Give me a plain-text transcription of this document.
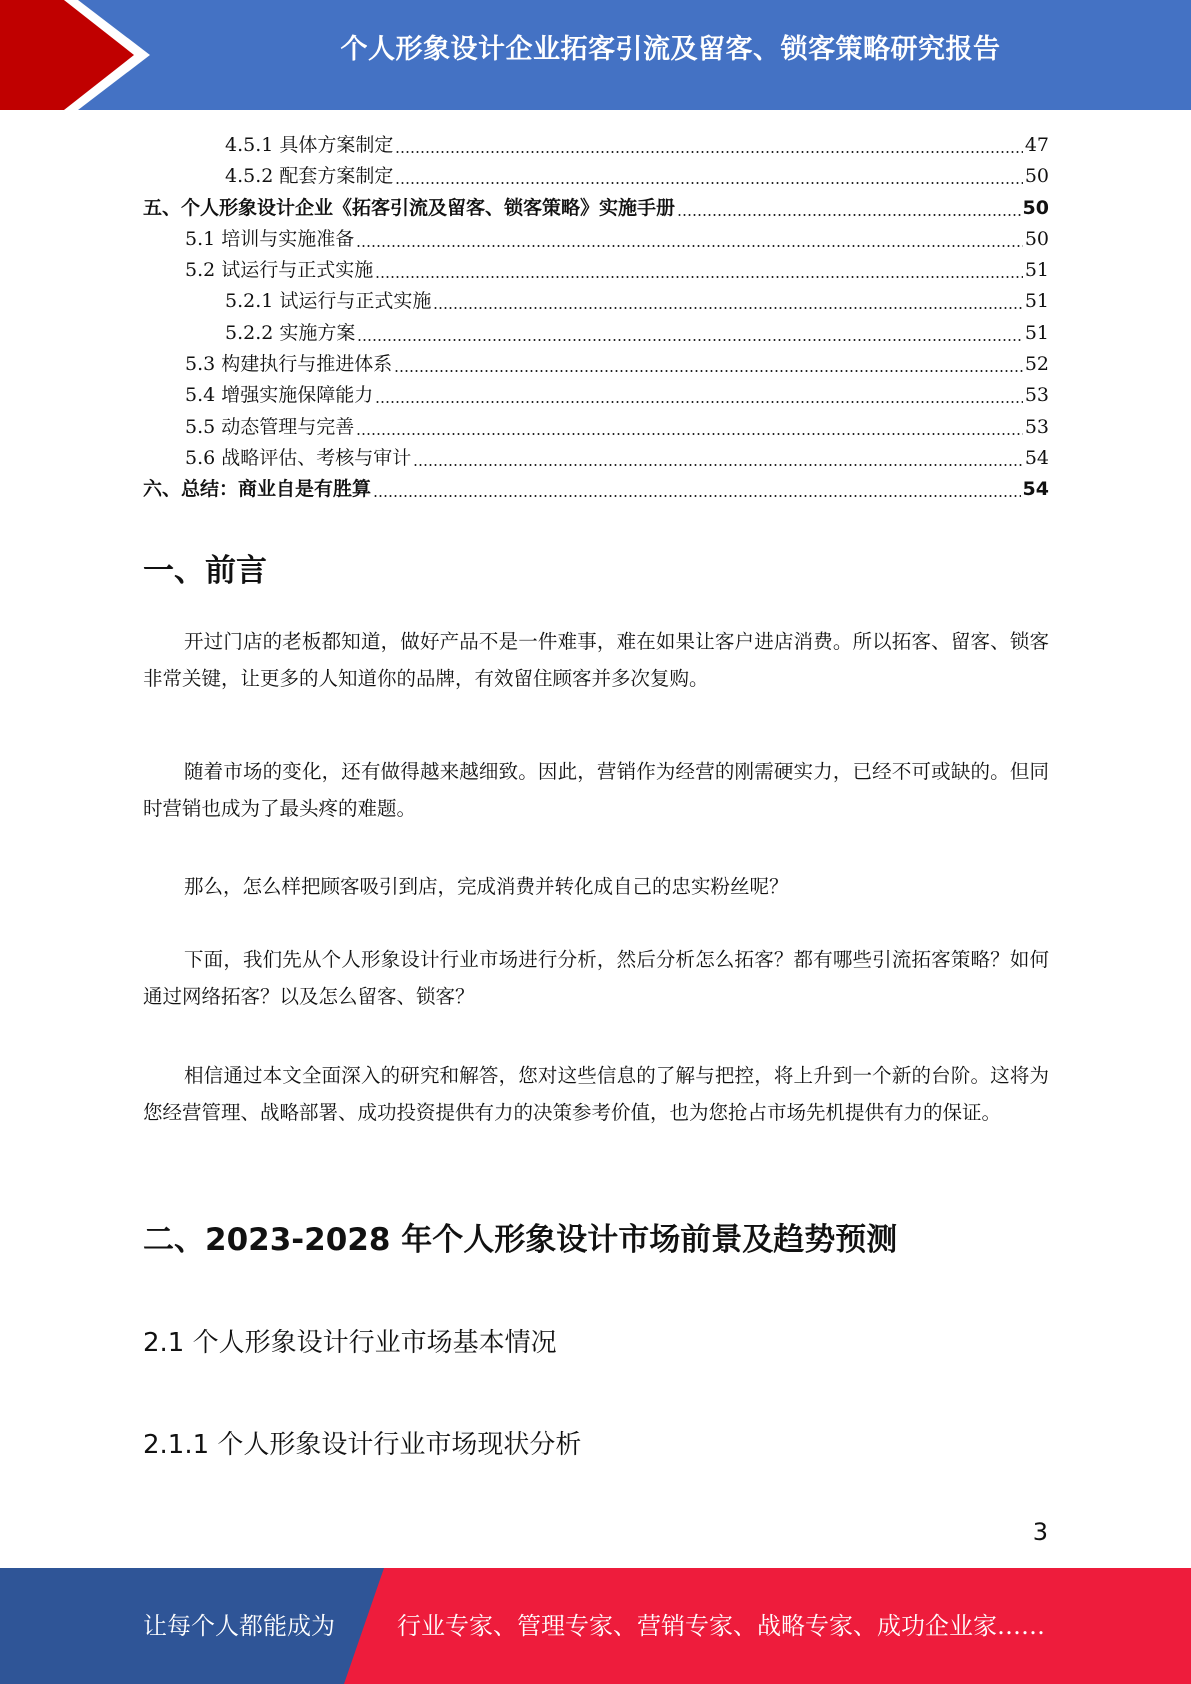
个人形象设计企业拓客引流及留客、锁客策略研究报告
4.5.1 具体方案制定	47
4.5.2 配套方案制定	50
五、个人形象设计企业《拓客引流及留客、锁客策略》实施手册	50
5.1 培训与实施准备	50
5.2 试运行与正式实施	51
5.2.1 试运行与正式实施	51
5.2.2 实施方案	51
5.3 构建执行与推进体系	52
5.4 增强实施保障能力	53
5.5 动态管理与完善	53
5.6 战略评估、考核与审计	54
六、总结：商业自是有胜算	54
一、前言

开过门店的老板都知道，做好产品不是一件难事，难在如果让客户进店消费。所以拓客、留客、锁客非常关键，让更多的人知道你的品牌，有效留住顾客并多次复购。

随着市场的变化，还有做得越来越细致。因此，营销作为经营的刚需硬实力，已经不可或缺的。但同时营销也成为了最头疼的难题。

那么，怎么样把顾客吸引到店，完成消费并转化成自己的忠实粉丝呢？

下面，我们先从个人形象设计行业市场进行分析，然后分析怎么拓客？都有哪些引流拓客策略？如何通过网络拓客？以及怎么留客、锁客？

相信通过本文全面深入的研究和解答，您对这些信息的了解与把控，将上升到一个新的台阶。这将为您经营管理、战略部署、成功投资提供有力的决策参考价值，也为您抢占市场先机提供有力的保证。

二、2023-2028 年个人形象设计市场前景及趋势预测
2.1 个人形象设计行业市场基本情况
2.1.1 个人形象设计行业市场现状分析
3
让每个人都能成为	行业专家、管理专家、营销专家、战略专家、成功企业家……
